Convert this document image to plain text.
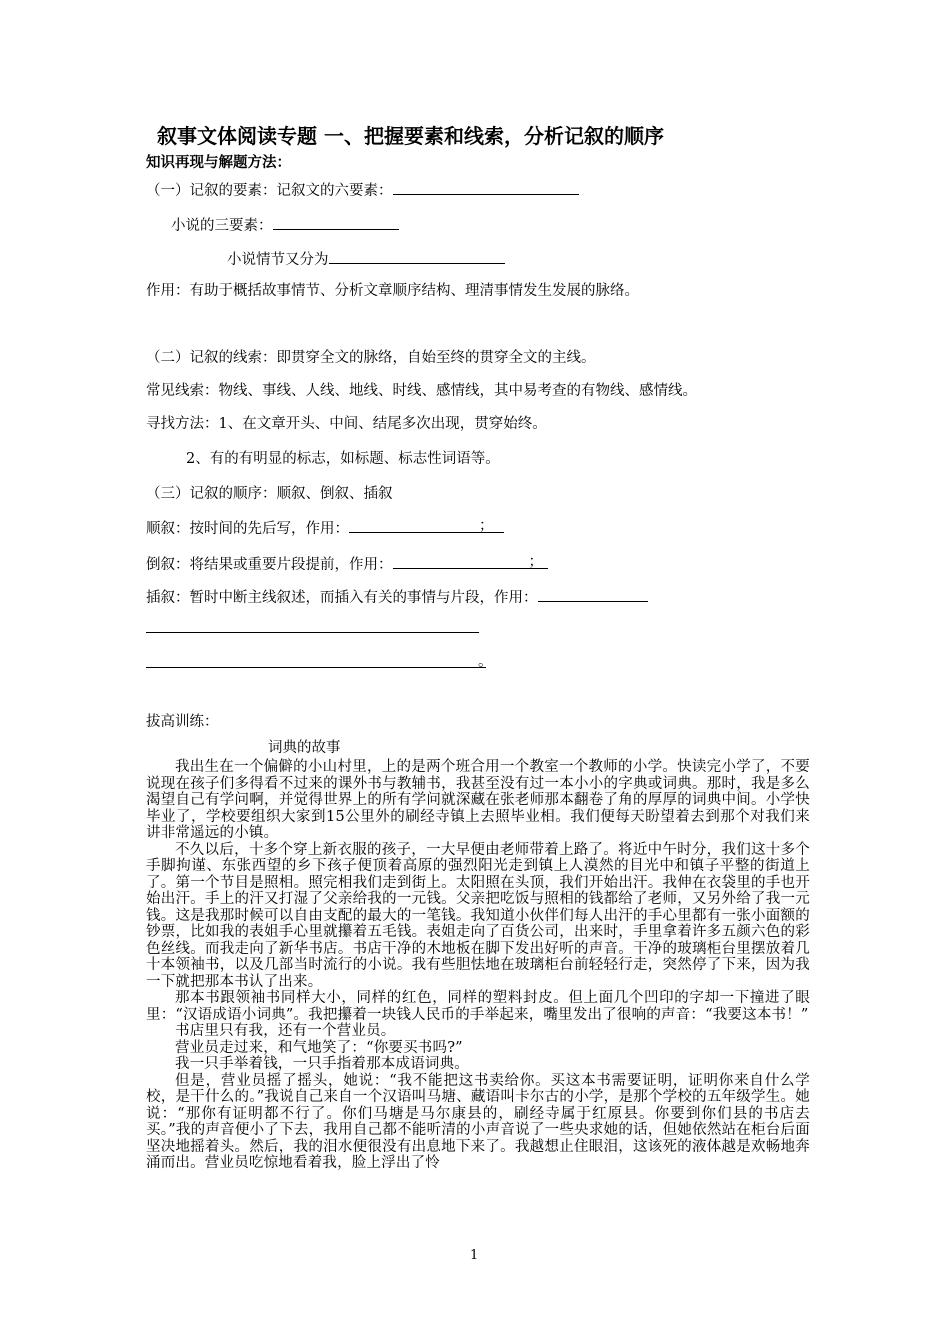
叙事文体阅读专题 一、把握要素和线索，分析记叙的顺序
知识再现与解题方法：
（一）记叙的要素：记叙文的六要素：
小说的三要素：
小说情节又分为
作用：有助于概括故事情节、分析文章顺序结构、理清事情发生发展的脉络。
（二）记叙的线索：即贯穿全文的脉络，自始至终的贯穿全文的主线。
常见线索：物线、事线、人线、地线、时线、感情线，其中易考查的有物线、感情线。
寻找方法：1、在文章开头、中间、结尾多次出现，贯穿始终。
2、有的有明显的标志，如标题、标志性词语等。
（三）记叙的顺序：顺叙、倒叙、插叙
顺叙：按时间的先后写，作用：	；
倒叙：将结果或重要片段提前，作用：	；
插叙：暂时中断主线叙述，而插入有关的事情与片段，作用：
。
拔高训练：
词典的故事

我出生在一个偏僻的小山村里，上的是两个班合用一个教室一个教师的小学。快读完小学了，不要说现在孩子们多得看不过来的课外书与教辅书，我甚至没有过一本小小的字典或词典。那时，我是多么渴望自己有学问啊，并觉得世界上的所有学问就深藏在张老师那本翻卷了角的厚厚的词典中间。小学快毕业了，学校要组织大家到15公里外的刷经寺镇上去照毕业相。我们便每天盼望着去到那个对我们来讲非常遥远的小镇。

不久以后，十多个穿上新衣服的孩子，一大早便由老师带着上路了。将近中午时分，我们这十多个手脚拘谨、东张西望的乡下孩子便顶着高原的强烈阳光走到镇上人漠然的目光中和镇子平整的街道上了。第一个节目是照相。照完相我们走到街上。太阳照在头顶，我们开始出汗。我伸在衣袋里的手也开始出汗。手上的汗又打湿了父亲给我的一元钱。父亲把吃饭与照相的钱都给了老师，又另外给了我一元钱。这是我那时候可以自由支配的最大的一笔钱。我知道小伙伴们每人出汗的手心里都有一张小面额的钞票，比如我的表姐手心里就攥着五毛钱。表姐走向了百货公司，出来时，手里拿着许多五颜六色的彩色丝线。而我走向了新华书店。书店干净的木地板在脚下发出好听的声音。干净的玻璃柜台里摆放着几十本领袖书，以及几部当时流行的小说。我有些胆怯地在玻璃柜台前轻轻行走，突然停了下来，因为我一下就把那本书认了出来。

那本书跟领袖书同样大小，同样的红色，同样的塑料封皮。但上面几个凹印的字却一下撞进了眼里：“汉语成语小词典”。我把攥着一块钱人民币的手举起来，嘴里发出了很响的声音：“我要这本书！”

书店里只有我，还有一个营业员。

营业员走过来，和气地笑了：“你要买书吗?”

我一只手举着钱，一只手指着那本成语词典。

但是，营业员摇了摇头，她说：“我不能把这书卖给你。买这本书需要证明，证明你来自什么学校，是干什么的。”我说自己来自一个汉语叫马塘、藏语叫卡尔古的小学，是那个学校的五年级学生。她说：“那你有证明都不行了。你们马塘是马尔康县的，刷经寺属于红原县。你要到你们县的书店去买。”我的声音便小了下去，我用自己都不能听清的小声音说了一些央求她的话，但她依然站在柜台后面坚决地摇着头。然后，我的泪水便很没有出息地下来了。我越想止住眼泪，这该死的液体越是欢畅地奔涌而出。营业员吃惊地看着我，脸上浮出了怜

1
